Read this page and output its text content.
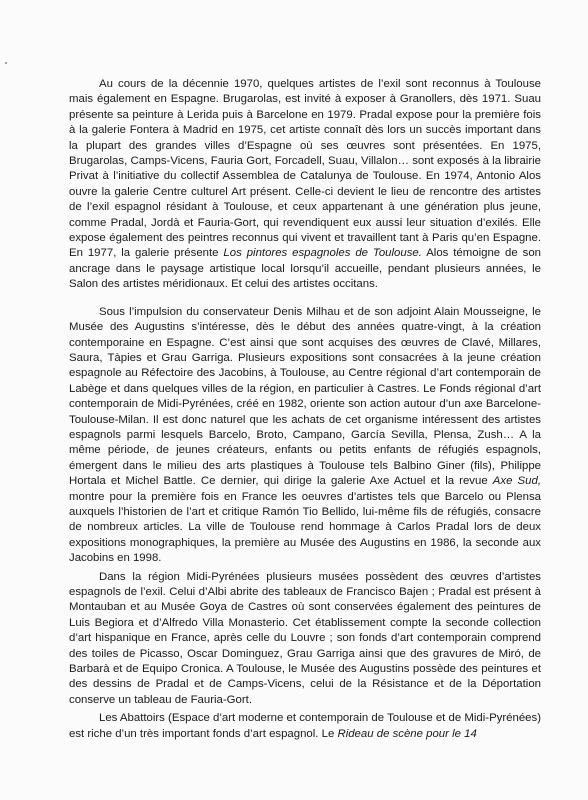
Au cours de la décennie 1970, quelques artistes de l’exil sont reconnus à Toulouse mais également en Espagne. Brugarolas, est invité à exposer à Granollers, dès 1971. Suau présente sa peinture à Lerida puis à Barcelone en 1979. Pradal expose pour la première fois à la galerie Fontera à Madrid en 1975, cet artiste connaît dès lors un succès important dans la plupart des grandes villes d’Espagne où ses œuvres sont présentées. En 1975, Brugarolas, Camps-Vicens, Fauria Gort, Forcadell, Suau, Villalon… sont exposés à la librairie Privat à l’initiative du collectif Assemblea de Catalunya de Toulouse. En 1974, Antonio Alos ouvre la galerie Centre culturel Art présent. Celle-ci devient le lieu de rencontre des artistes de l’exil espagnol résidant à Toulouse, et ceux appartenant à une génération plus jeune, comme Pradal, Jordà et Fauria-Gort, qui revendiquent eux aussi leur situation d’exilés. Elle expose également des peintres reconnus qui vivent et travaillent tant à Paris qu’en Espagne. En 1977, la galerie présente Los pintores espagnoles de Toulouse. Alos témoigne de son ancrage dans le paysage artistique local lorsqu’il accueille, pendant plusieurs années, le Salon des artistes méridionaux. Et celui des artistes occitans.

Sous l’impulsion du conservateur Denis Milhau et de son adjoint Alain Mousseigne, le Musée des Augustins s’intéresse, dès le début des années quatre-vingt, à la création contemporaine en Espagne. C’est ainsi que sont acquises des œuvres de Clavé, Millares, Saura, Tàpies et Grau Garriga. Plusieurs expositions sont consacrées à la jeune création espagnole au Réfectoire des Jacobins, à Toulouse, au Centre régional d’art contemporain de Labège et dans quelques villes de la région, en particulier à Castres. Le Fonds régional d’art contemporain de Midi-Pyrénées, créé en 1982, oriente son action autour d’un axe Barcelone-Toulouse-Milan. Il est donc naturel que les achats de cet organisme intéressent des artistes espagnols parmi lesquels Barcelo, Broto, Campano, García Sevilla, Plensa, Zush… A la même période, de jeunes créateurs, enfants ou petits enfants de réfugiés espagnols, émergent dans le milieu des arts plastiques à Toulouse tels Balbino Giner (fils), Philippe Hortala et Michel Battle. Ce dernier, qui dirige la galerie Axe Actuel et la revue Axe Sud, montre pour la première fois en France les oeuvres d’artistes tels que Barcelo ou Plensa auxquels l’historien de l’art et critique Ramón Tio Bellido, lui-même fils de réfugiés, consacre de nombreux articles. La ville de Toulouse rend hommage à Carlos Pradal lors de deux expositions monographiques, la première au Musée des Augustins en 1986, la seconde aux Jacobins en 1998.

Dans la région Midi-Pyrénées plusieurs musées possèdent des œuvres d’artistes espagnols de l’exil. Celui d’Albi abrite des tableaux de Francisco Bajen ; Pradal est présent à Montauban et au Musée Goya de Castres où sont conservées également des peintures de Luis Begiora et d’Alfredo Villa Monasterio. Cet établissement compte la seconde collection d’art hispanique en France, après celle du Louvre ; son fonds d’art contemporain comprend des toiles de Picasso, Oscar Dominguez, Grau Garriga ainsi que des gravures de Miró, de Barbarà et de Equipo Cronica. A Toulouse, le Musée des Augustins possède des peintures et des dessins de Pradal et de Camps-Vicens, celui de la Résistance et de la Déportation conserve un tableau de Fauria-Gort.

Les Abattoirs (Espace d’art moderne et contemporain de Toulouse et de Midi-Pyrénées) est riche d’un très important fonds d’art espagnol. Le Rideau de scène pour le 14
